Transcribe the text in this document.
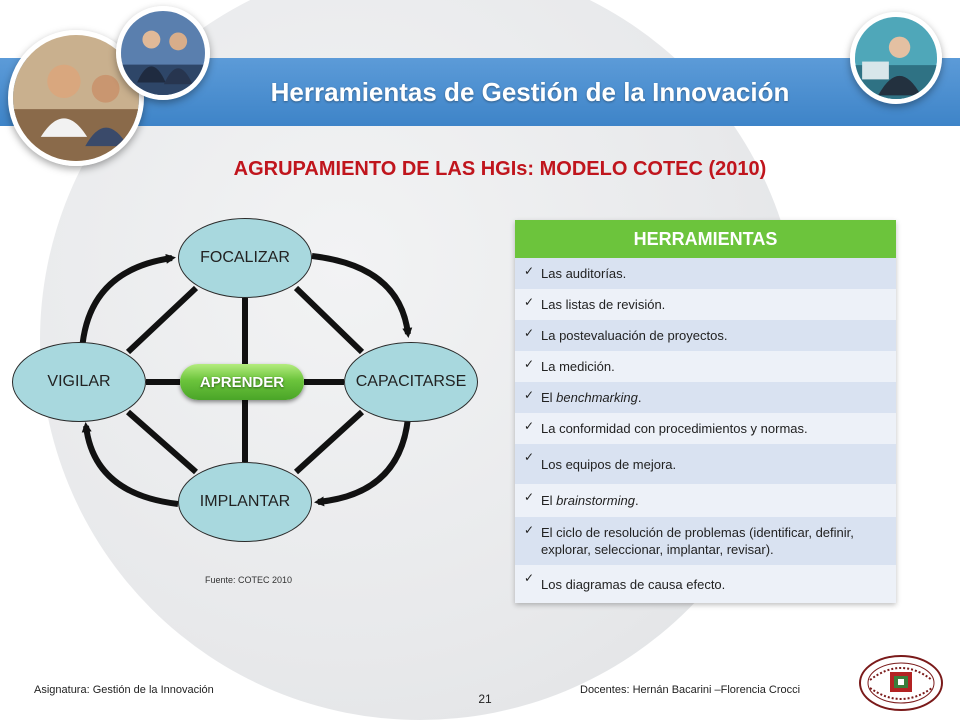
Herramientas de Gestión de la Innovación
AGRUPAMIENTO DE LAS HGIs: MODELO COTEC (2010)
FOCALIZAR
CAPACITARSE
IMPLANTAR
VIGILAR	APRENDER
Fuente: COTEC 2010
HERRAMIENTAS
✓ Las auditorías.
✓ Las listas de revisión.
✓ La postevaluación de proyectos.
✓ La medición.
✓ El benchmarking.
✓ La conformidad con procedimientos y normas.
✓ Los equipos de mejora.
✓ El brainstorming.
✓ El ciclo de resolución de problemas (identificar, definir, explorar, seleccionar, implantar, revisar).
✓ Los diagramas de causa efecto.
Asignatura: Gestión de la Innovación
21
Docentes: Hernán Bacarini –Florencia Crocci
